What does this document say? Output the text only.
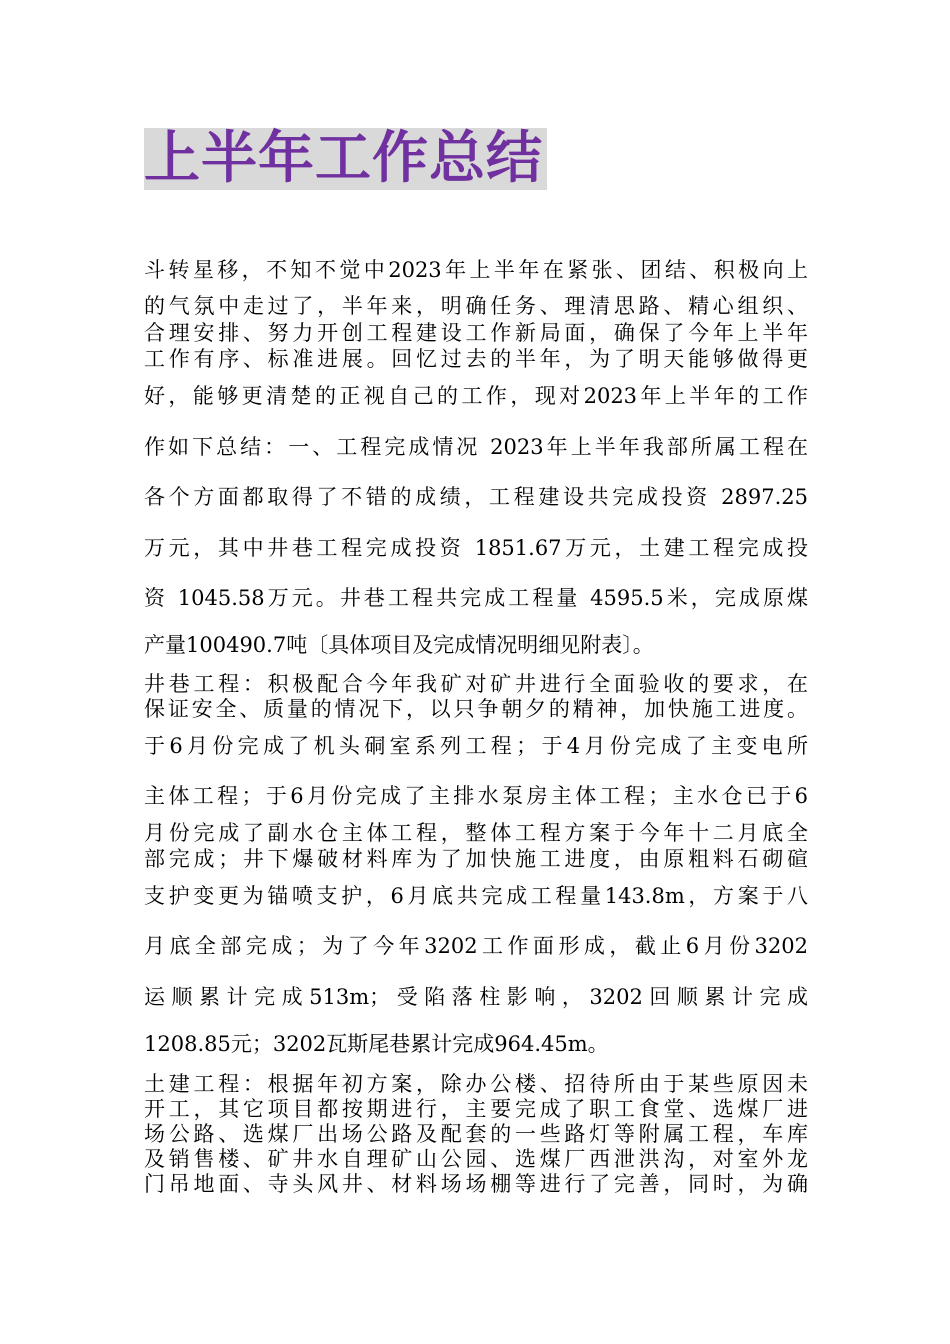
上半年工作总结

斗转星移，不知不觉中2023年上半年在紧张、团结、积极向上

的气氛中走过了，半年来，明确任务、理清思路、精心组织、

合理安排、努力开创工程建设工作新局面，确保了今年上半年

工作有序、标准进展。回忆过去的半年，为了明天能够做得更

好，能够更清楚的正视自己的工作，现对2023年上半年的工作

作如下总结：一、工程完成情况 2023年上半年我部所属工程在

各个方面都取得了不错的成绩，工程建设共完成投资 2897.25

万元，其中井巷工程完成投资 1851.67万元，土建工程完成投

资 1045.58万元。井巷工程共完成工程量 4595.5米，完成原煤

产量100490.7吨〔具体项目及完成情况明细见附表〕。

井巷工程：积极配合今年我矿对矿井进行全面验收的要求，在

保证安全、质量的情况下，以只争朝夕的精神，加快施工进度。

于6月份完成了机头硐室系列工程；于4月份完成了主变电所

主体工程；于6月份完成了主排水泵房主体工程；主水仓已于6

月份完成了副水仓主体工程，整体工程方案于今年十二月底全

部完成；井下爆破材料库为了加快施工进度，由原粗料石砌碹

支护变更为锚喷支护，6月底共完成工程量143.8m，方案于八

月底全部完成；为了今年3202工作面形成，截止6月份3202

运顺累计完成513m；受陷落柱影响，3202回顺累计完成

1208.85元；3202瓦斯尾巷累计完成964.45m。

土建工程：根据年初方案，除办公楼、招待所由于某些原因未

开工，其它项目都按期进行，主要完成了职工食堂、选煤厂进

场公路、选煤厂出场公路及配套的一些路灯等附属工程，车库

及销售楼、矿井水自理矿山公园、选煤厂西泄洪沟，对室外龙

门吊地面、寺头风井、材料场场棚等进行了完善，同时，为确
